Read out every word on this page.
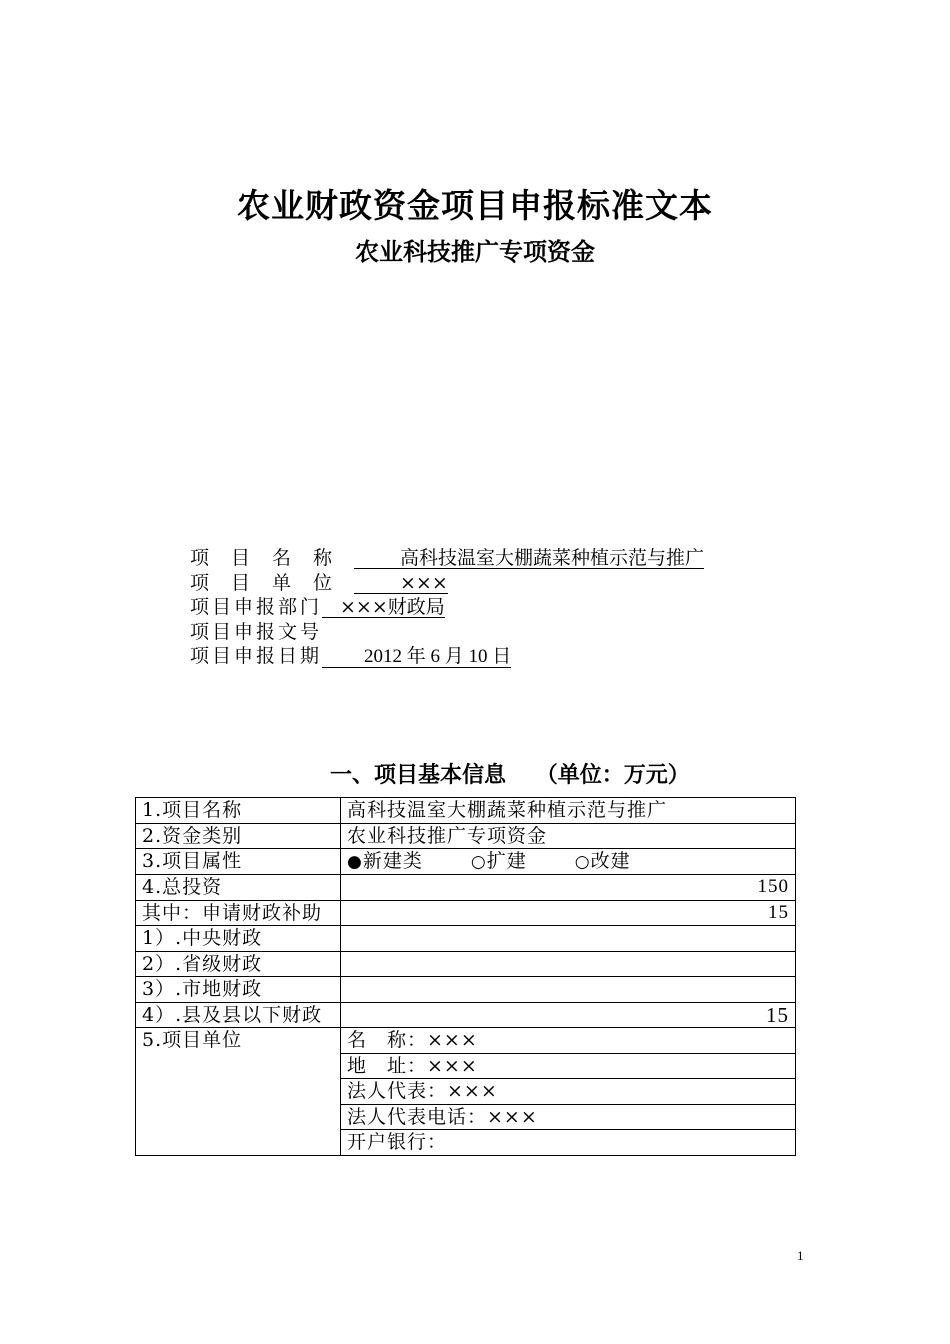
农业财政资金项目申报标准文本
农业科技推广专项资金
项目名称 高科技温室大棚蔬菜种植示范与推广
项目单位 ×××
项目申报部门 ×××财政局
项目申报文号
项目申报日期 2012 年 6 月 10 日
一、项目基本信息 （单位：万元）
1.项目名称	高科技温室大棚蔬菜种植示范与推广
2.资金类别	农业科技推广专项资金
3.项目属性	●新建类 ○扩建 ○改建
4.总投资	150
其中：申请财政补助	15
1）.中央财政	
2）.省级财政	
3）.市地财政	
4）.县及县以下财政	15
5.项目单位	名　称：×××
	地　址：×××
	法人代表：×××
	法人代表电话：×××
	开户银行：
1
